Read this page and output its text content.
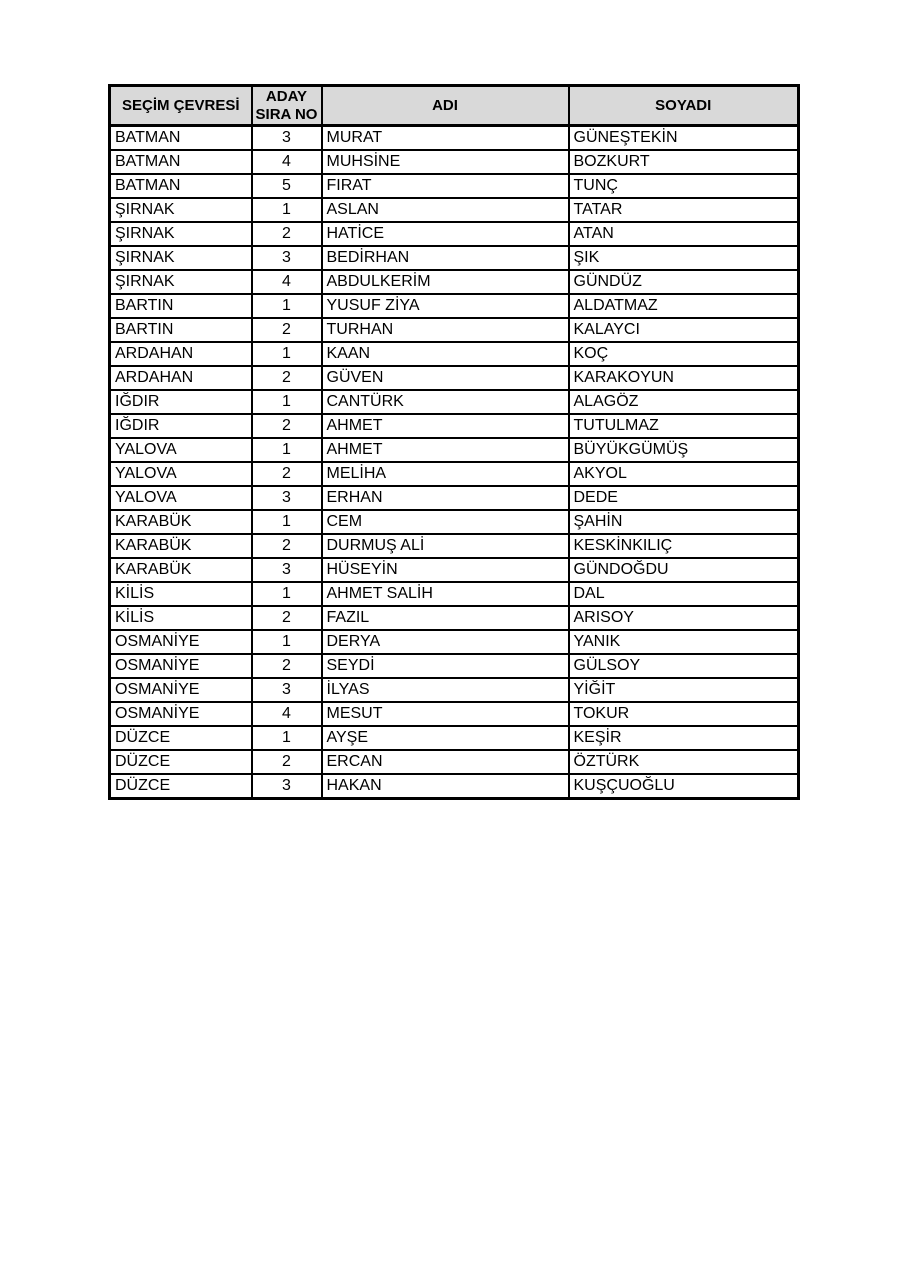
SEÇİM ÇEVRESİ	ADAY SIRA NO	ADI	SOYADI
BATMAN	3	MURAT	GÜNEŞTEKİN
BATMAN	4	MUHSİNE	BOZKURT
BATMAN	5	FIRAT	TUNÇ
ŞIRNAK	1	ASLAN	TATAR
ŞIRNAK	2	HATİCE	ATAN
ŞIRNAK	3	BEDİRHAN	ŞIK
ŞIRNAK	4	ABDULKERİM	GÜNDÜZ
BARTIN	1	YUSUF ZİYA	ALDATMAZ
BARTIN	2	TURHAN	KALAYCI
ARDAHAN	1	KAAN	KOÇ
ARDAHAN	2	GÜVEN	KARAKOYUN
IĞDIR	1	CANTÜRK	ALAGÖZ
IĞDIR	2	AHMET	TUTULMAZ
YALOVA	1	AHMET	BÜYÜKGÜMÜŞ
YALOVA	2	MELİHA	AKYOL
YALOVA	3	ERHAN	DEDE
KARABÜK	1	CEM	ŞAHİN
KARABÜK	2	DURMUŞ ALİ	KESKİNKILIÇ
KARABÜK	3	HÜSEYİN	GÜNDOĞDU
KİLİS	1	AHMET SALİH	DAL
KİLİS	2	FAZIL	ARISOY
OSMANİYE	1	DERYA	YANIK
OSMANİYE	2	SEYDİ	GÜLSOY
OSMANİYE	3	İLYAS	YİĞİT
OSMANİYE	4	MESUT	TOKUR
DÜZCE	1	AYŞE	KEŞİR
DÜZCE	2	ERCAN	ÖZTÜRK
DÜZCE	3	HAKAN	KUŞÇUOĞLU
